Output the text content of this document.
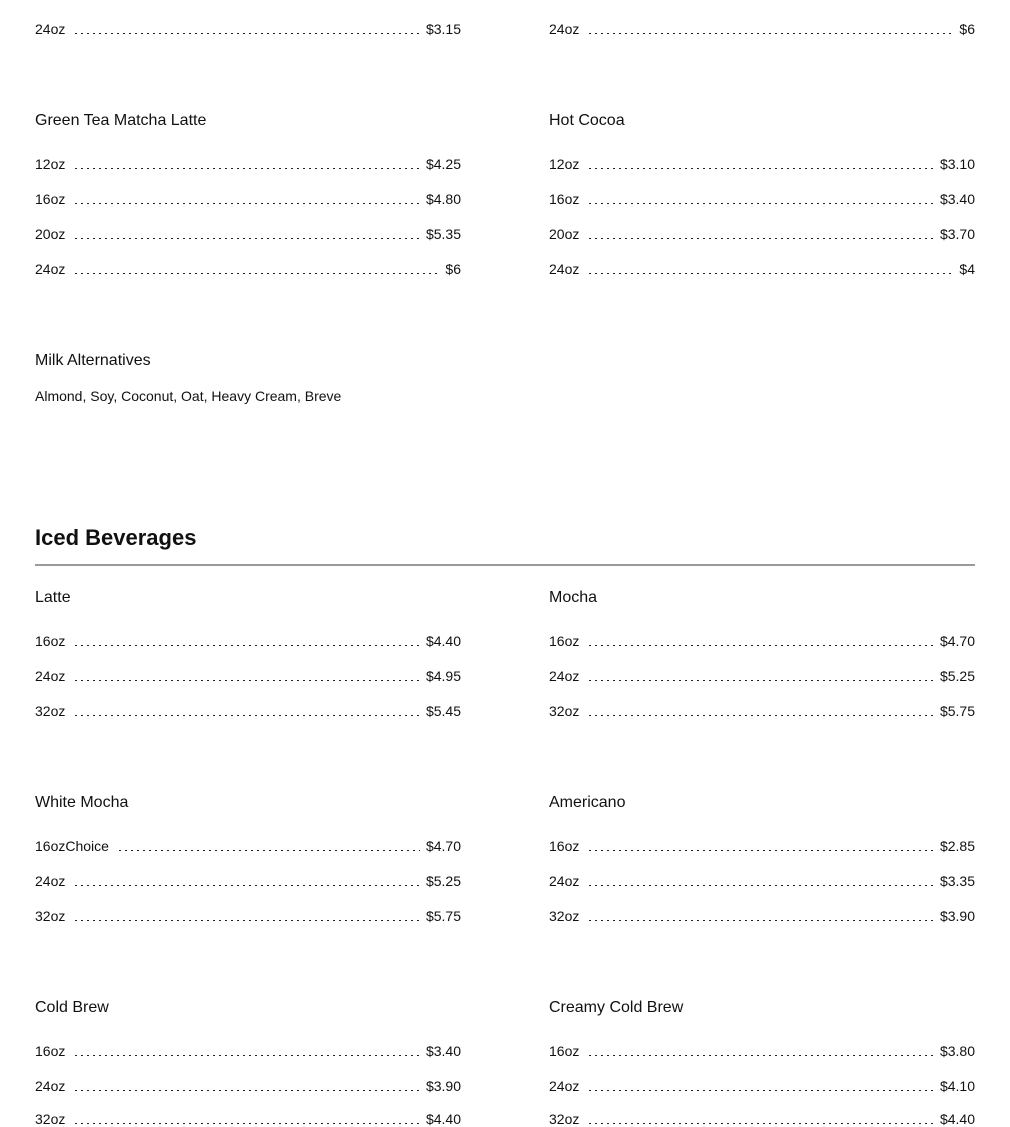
24oz	$3.15	24oz	$6
Green Tea Matcha Latte
12oz	$4.25
16oz	$4.80
20oz	$5.35
24oz	$6
Hot Cocoa
12oz	$3.10
16oz	$3.40
20oz	$3.70
24oz	$4
Milk Alternatives
Almond, Soy, Coconut, Oat, Heavy Cream, Breve
Iced Beverages
Latte
16oz	$4.40
24oz	$4.95
32oz	$5.45
Mocha
16oz	$4.70
24oz	$5.25
32oz	$5.75
White Mocha
16ozChoice	$4.70
24oz	$5.25
32oz	$5.75
Americano
16oz	$2.85
24oz	$3.35
32oz	$3.90
Cold Brew
16oz	$3.40
24oz	$3.90
32oz	$4.40
Creamy Cold Brew
16oz	$3.80
24oz	$4.10
32oz	$4.40
